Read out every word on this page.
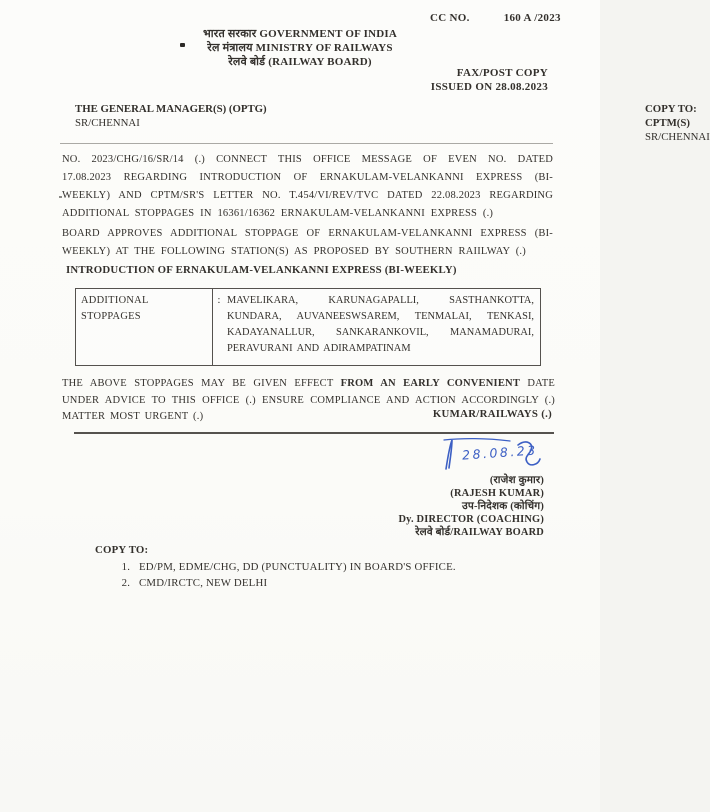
CC NO.	160 A /2023
भारत सरकार GOVERNMENT OF INDIA
रेल मंत्रालय MINISTRY OF RAILWAYS
रेलवे बोर्ड (RAILWAY BOARD)
FAX/POST COPY
ISSUED ON 28.08.2023
THE GENERAL MANAGER(S) (OPTG)
SR/CHENNAI
COPY TO: CPTM(S)
SR/CHENNAI
NO. 2023/CHG/16/SR/14 (.) CONNECT THIS OFFICE MESSAGE OF EVEN NO. DATED 17.08.2023 REGARDING INTRODUCTION OF ERNAKULAM-VELANKANNI EXPRESS (BI-WEEKLY) AND CPTM/SR'S LETTER NO. T.454/VI/REV/TVC DATED 22.08.2023 REGARDING ADDITIONAL STOPPAGES IN 16361/16362 ERNAKULAM-VELANKANNI EXPRESS (.)
BOARD APPROVES ADDITIONAL STOPPAGE OF ERNAKULAM-VELANKANNI EXPRESS (BI-WEEKLY) AT THE FOLLOWING STATION(S) AS PROPOSED BY SOUTHERN RAIILWAY (.)
INTRODUCTION OF ERNAKULAM-VELANKANNI EXPRESS (BI-WEEKLY)
ADDITIONAL STOPPAGES
: MAVELIKARA, KARUNAGAPALLI, SASTHANKOTTA, KUNDARA, AUVANEESWSAREM, TENMALAI, TENKASI, KADAYANALLUR, SANKARANKOVIL, MANAMADURAI, PERAVURANI AND ADIRAMPATINAM
THE ABOVE STOPPAGES MAY BE GIVEN EFFECT FROM AN EARLY CONVENIENT DATE UNDER ADVICE TO THIS OFFICE (.) ENSURE COMPLIANCE AND ACTION ACCORDINGLY (.) MATTER MOST URGENT (.)	KUMAR/RAILWAYS (.)
28.08.23
(राजेश कुमार)
(RAJESH KUMAR)
उप-निदेशक (कोचिंग)
Dy. DIRECTOR (COACHING)
रेलवे बोर्ड/RAILWAY BOARD
COPY TO:
1. ED/PM, EDME/CHG, DD (PUNCTUALITY) IN BOARD'S OFFICE.
2. CMD/IRCTC, NEW DELHI
